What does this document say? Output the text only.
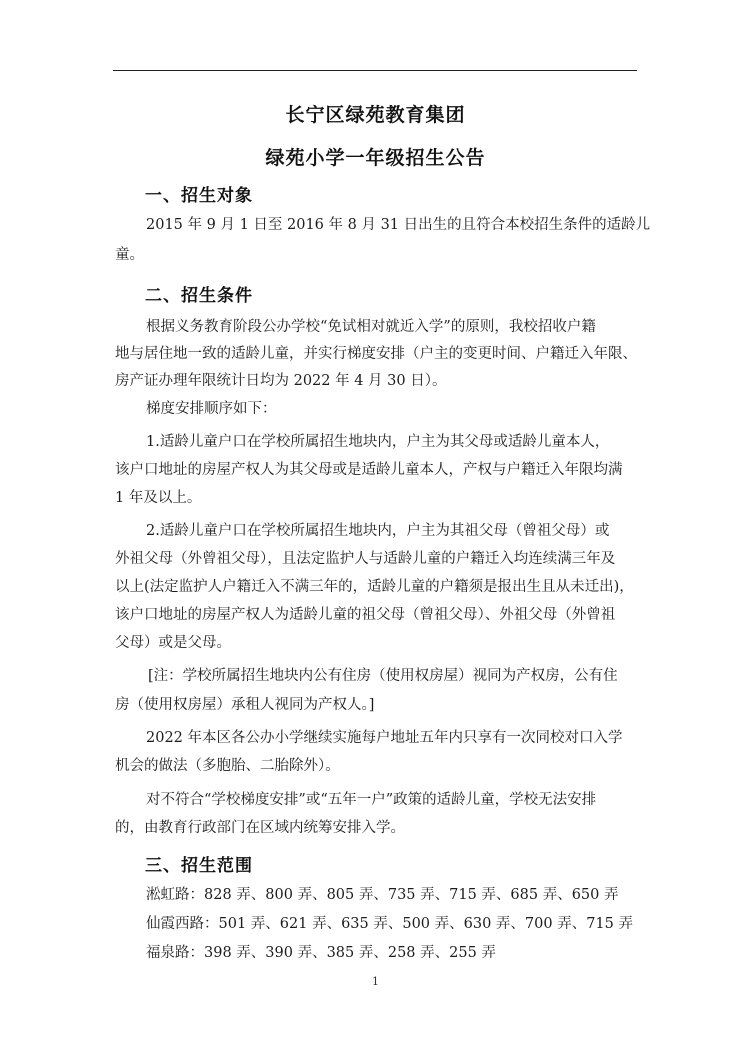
长宁区绿苑教育集团
绿苑小学一年级招生公告
一、招生对象
2015 年 9 月 1 日至 2016 年 8 月 31 日出生的且符合本校招生条件的适龄儿
童。
二、招生条件
根据义务教育阶段公办学校“免试相对就近入学”的原则，我校招收户籍
地与居住地一致的适龄儿童，并实行梯度安排（户主的变更时间、户籍迁入年限、
房产证办理年限统计日均为 2022 年 4 月 30 日）。
梯度安排顺序如下：
1.适龄儿童户口在学校所属招生地块内，户主为其父母或适龄儿童本人，
该户口地址的房屋产权人为其父母或是适龄儿童本人，产权与户籍迁入年限均满
1 年及以上。
2.适龄儿童户口在学校所属招生地块内，户主为其祖父母（曾祖父母）或
外祖父母（外曾祖父母），且法定监护人与适龄儿童的户籍迁入均连续满三年及
以上(法定监护人户籍迁入不满三年的，适龄儿童的户籍须是报出生且从未迁出)，
该户口地址的房屋产权人为适龄儿童的祖父母（曾祖父母）、外祖父母（外曾祖
父母）或是父母。
[注：学校所属招生地块内公有住房（使用权房屋）视同为产权房，公有住
房（使用权房屋）承租人视同为产权人。]
2022 年本区各公办小学继续实施每户地址五年内只享有一次同校对口入学
机会的做法（多胞胎、二胎除外）。
对不符合“学校梯度安排”或“五年一户”政策的适龄儿童，学校无法安排
的，由教育行政部门在区域内统筹安排入学。
三、招生范围
淞虹路：828 弄、800 弄、805 弄、735 弄、715 弄、685 弄、650 弄
仙霞西路：501 弄、621 弄、635 弄、500 弄、630 弄、700 弄、715 弄
福泉路：398 弄、390 弄、385 弄、258 弄、255 弄
1
